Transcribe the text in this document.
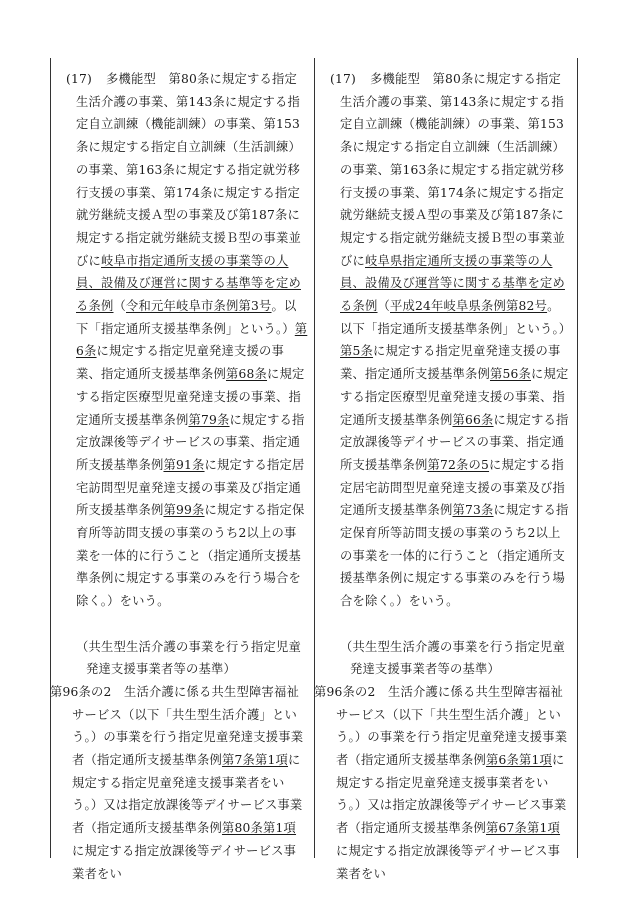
(17)	多機能型　第80条に規定する指定生活介護の事業、第143条に規定する指定自立訓練（機能訓練）の事業、第153条に規定する指定自立訓練（生活訓練）の事業、第163条に規定する指定就労移行支援の事業、第174条に規定する指定就労継続支援Ａ型の事業及び第187条に規定する指定就労継続支援Ｂ型の事業並びに岐阜市指定通所支援の事業等の人員、設備及び運営に関する基準等を定める条例（令和元年岐阜市条例第3号。以下「指定通所支援基準条例」という。）第6条に規定する指定児童発達支援の事業、指定通所支援基準条例第68条に規定する指定医療型児童発達支援の事業、指定通所支援基準条例第79条に規定する指定放課後等デイサービスの事業、指定通所支援基準条例第91条に規定する指定居宅訪問型児童発達支援の事業及び指定通所支援基準条例第99条に規定する指定保育所等訪問支援の事業のうち2以上の事業を一体的に行うこと（指定通所支援基準条例に規定する事業のみを行う場合を除く。）をいう。
（共生型生活介護の事業を行う指定児童発達支援事業者等の基準）
第96条の2　生活介護に係る共生型障害福祉サービス（以下「共生型生活介護」という。）の事業を行う指定児童発達支援事業者（指定通所支援基準条例第7条第1項に規定する指定児童発達支援事業者をいう。）又は指定放課後等デイサービス事業者（指定通所支援基準条例第80条第1項に規定する指定放課後等デイサービス事業者をい
(17)	多機能型　第80条に規定する指定生活介護の事業、第143条に規定する指定自立訓練（機能訓練）の事業、第153条に規定する指定自立訓練（生活訓練）の事業、第163条に規定する指定就労移行支援の事業、第174条に規定する指定就労継続支援Ａ型の事業及び第187条に規定する指定就労継続支援Ｂ型の事業並びに岐阜県指定通所支援の事業等の人員、設備及び運営等に関する基準を定める条例（平成24年岐阜県条例第82号。以下「指定通所支援基準条例」という。）第5条に規定する指定児童発達支援の事業、指定通所支援基準条例第56条に規定する指定医療型児童発達支援の事業、指定通所支援基準条例第66条に規定する指定放課後等デイサービスの事業、指定通所支援基準条例第72条の5に規定する指定居宅訪問型児童発達支援の事業及び指定通所支援基準条例第73条に規定する指定保育所等訪問支援の事業のうち2以上の事業を一体的に行うこと（指定通所支援基準条例に規定する事業のみを行う場合を除く。）をいう。
（共生型生活介護の事業を行う指定児童発達支援事業者等の基準）
第96条の2　生活介護に係る共生型障害福祉サービス（以下「共生型生活介護」という。）の事業を行う指定児童発達支援事業者（指定通所支援基準条例第6条第1項に規定する指定児童発達支援事業者をいう。）又は指定放課後等デイサービス事業者（指定通所支援基準条例第67条第1項に規定する指定放課後等デイサービス事業者をい
